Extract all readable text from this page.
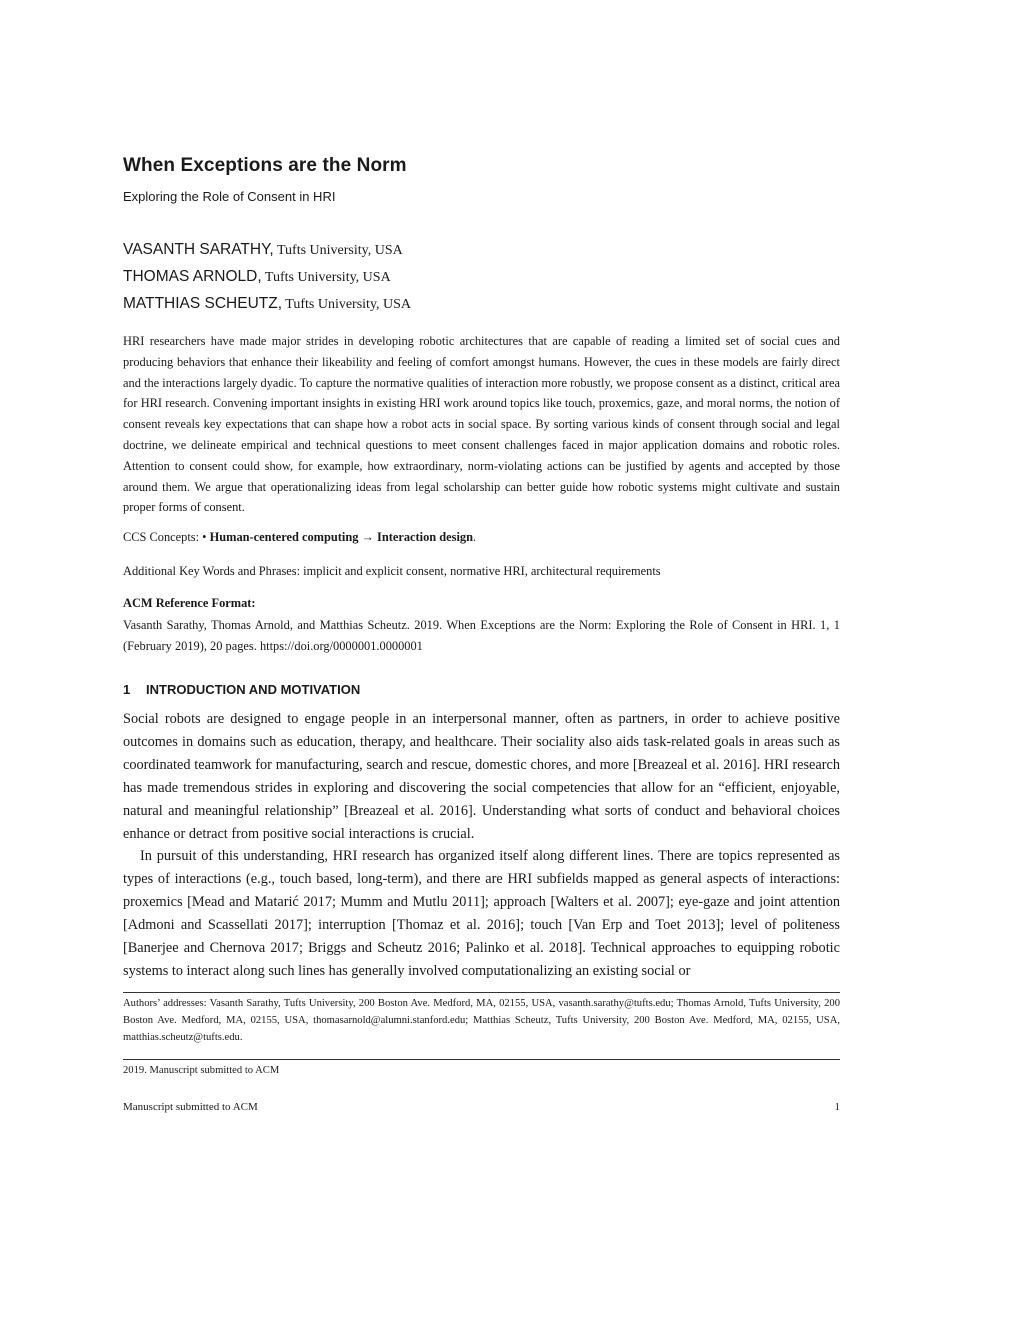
When Exceptions are the Norm
Exploring the Role of Consent in HRI
VASANTH SARATHY, Tufts University, USA
THOMAS ARNOLD, Tufts University, USA
MATTHIAS SCHEUTZ, Tufts University, USA
HRI researchers have made major strides in developing robotic architectures that are capable of reading a limited set of social cues and producing behaviors that enhance their likeability and feeling of comfort amongst humans. However, the cues in these models are fairly direct and the interactions largely dyadic. To capture the normative qualities of interaction more robustly, we propose consent as a distinct, critical area for HRI research. Convening important insights in existing HRI work around topics like touch, proxemics, gaze, and moral norms, the notion of consent reveals key expectations that can shape how a robot acts in social space. By sorting various kinds of consent through social and legal doctrine, we delineate empirical and technical questions to meet consent challenges faced in major application domains and robotic roles. Attention to consent could show, for example, how extraordinary, norm-violating actions can be justified by agents and accepted by those around them. We argue that operationalizing ideas from legal scholarship can better guide how robotic systems might cultivate and sustain proper forms of consent.
CCS Concepts: • Human-centered computing → Interaction design.
Additional Key Words and Phrases: implicit and explicit consent, normative HRI, architectural requirements
ACM Reference Format:
Vasanth Sarathy, Thomas Arnold, and Matthias Scheutz. 2019. When Exceptions are the Norm: Exploring the Role of Consent in HRI. 1, 1 (February 2019), 20 pages. https://doi.org/0000001.0000001
1 INTRODUCTION AND MOTIVATION

Social robots are designed to engage people in an interpersonal manner, often as partners, in order to achieve positive outcomes in domains such as education, therapy, and healthcare. Their sociality also aids task-related goals in areas such as coordinated teamwork for manufacturing, search and rescue, domestic chores, and more [Breazeal et al. 2016]. HRI research has made tremendous strides in exploring and discovering the social competencies that allow for an “efficient, enjoyable, natural and meaningful relationship” [Breazeal et al. 2016]. Understanding what sorts of conduct and behavioral choices enhance or detract from positive social interactions is crucial.

In pursuit of this understanding, HRI research has organized itself along different lines. There are topics represented as types of interactions (e.g., touch based, long-term), and there are HRI subfields mapped as general aspects of interactions: proxemics [Mead and Matarić 2017; Mumm and Mutlu 2011]; approach [Walters et al. 2007]; eye-gaze and joint attention [Admoni and Scassellati 2017]; interruption [Thomaz et al. 2016]; touch [Van Erp and Toet 2013]; level of politeness [Banerjee and Chernova 2017; Briggs and Scheutz 2016; Palinko et al. 2018]. Technical approaches to equipping robotic systems to interact along such lines has generally involved computationalizing an existing social or

Authors’ addresses: Vasanth Sarathy, Tufts University, 200 Boston Ave. Medford, MA, 02155, USA, vasanth.sarathy@tufts.edu; Thomas Arnold, Tufts University, 200 Boston Ave. Medford, MA, 02155, USA, thomasarnold@alumni.stanford.edu; Matthias Scheutz, Tufts University, 200 Boston Ave. Medford, MA, 02155, USA, matthias.scheutz@tufts.edu.
2019. Manuscript submitted to ACM
Manuscript submitted to ACM	1
